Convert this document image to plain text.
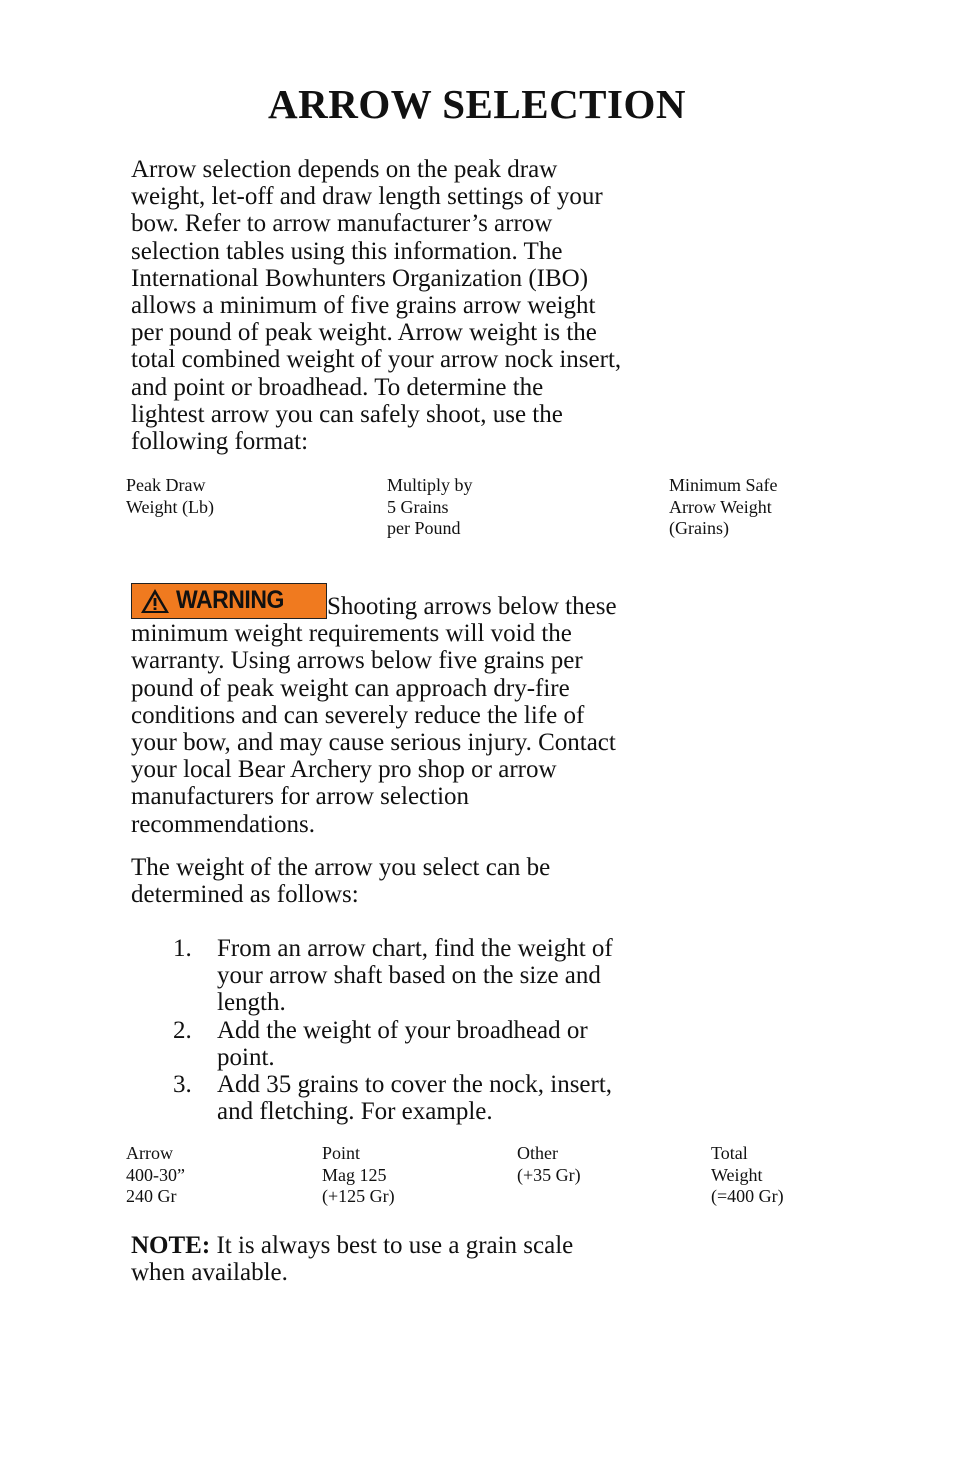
ARROW SELECTION
Arrow selection depends on the peak draw
weight, let-off and draw length settings of your
bow. Refer to arrow manufacturer’s arrow
selection tables using this information. The
International Bowhunters Organization (IBO)
allows a minimum of five grains arrow weight
per pound of peak weight. Arrow weight is the
total combined weight of your arrow nock insert,
and point or broadhead. To determine the
lightest arrow you can safely shoot, use the
following format:
Peak Draw
Weight (Lb)
Multiply by
5 Grains
per Pound
Minimum Safe
Arrow Weight
(Grains)
WARNING Shooting arrows below these
minimum weight requirements will void the
warranty. Using arrows below five grains per
pound of peak weight can approach dry-fire
conditions and can severely reduce the life of
your bow, and may cause serious injury. Contact
your local Bear Archery pro shop or arrow
manufacturers for arrow selection
recommendations.
The weight of the arrow you select can be
determined as follows:
1. From an arrow chart, find the weight of
your arrow shaft based on the size and
length.
2. Add the weight of your broadhead or
point.
3. Add 35 grains to cover the nock, insert,
and fletching. For example.
Arrow
400-30”
240 Gr
Point
Mag 125
(+125 Gr)
Other
(+35 Gr)
Total
Weight
(=400 Gr)
NOTE: It is always best to use a grain scale
when available.
